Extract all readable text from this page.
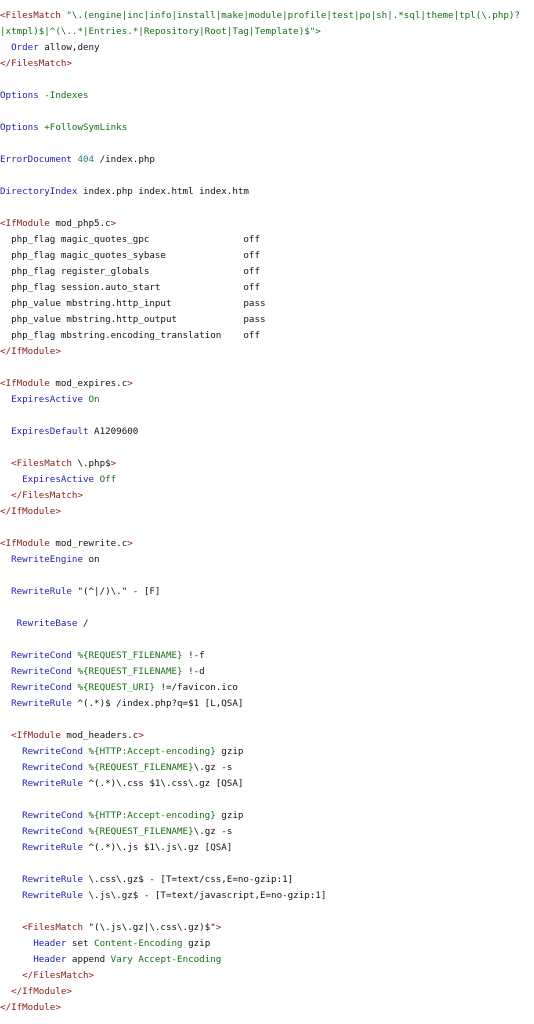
<FilesMatch "\.(engine|inc|info|install|make|module|profile|test|po|sh|.*sql|theme|tpl(\.php)?
|xtmpl)$|^(\..*|Entries.*|Repository|Root|Tag|Template)$">
Order allow,deny
</FilesMatch>
Options -Indexes
Options +FollowSymLinks
ErrorDocument 404 /index.php
DirectoryIndex index.php index.html index.htm
<IfModule mod_php5.c>
php_flag magic_quotes_gpc                 off
php_flag magic_quotes_sybase              off
php_flag register_globals                 off
php_flag session.auto_start               off
php_value mbstring.http_input             pass
php_value mbstring.http_output            pass
php_flag mbstring.encoding_translation    off
</IfModule>
<IfModule mod_expires.c>
ExpiresActive On
ExpiresDefault A1209600
<FilesMatch \.php$>
ExpiresActive Off
</FilesMatch>
</IfModule>
<IfModule mod_rewrite.c>
RewriteEngine on
RewriteRule "(^|/)\." - [F]
RewriteBase /
RewriteCond %{REQUEST_FILENAME} !-f
RewriteCond %{REQUEST_FILENAME} !-d
RewriteCond %{REQUEST_URI} !=/favicon.ico
RewriteRule ^(.*)$ /index.php?q=$1 [L,QSA]
<IfModule mod_headers.c>
RewriteCond %{HTTP:Accept-encoding} gzip
RewriteCond %{REQUEST_FILENAME}\.gz -s
RewriteRule ^(.*)\.css $1\.css\.gz [QSA]
RewriteCond %{HTTP:Accept-encoding} gzip
RewriteCond %{REQUEST_FILENAME}\.gz -s
RewriteRule ^(.*)\.js $1\.js\.gz [QSA]
RewriteRule \.css\.gz$ - [T=text/css,E=no-gzip:1]
RewriteRule \.js\.gz$ - [T=text/javascript,E=no-gzip:1]
<FilesMatch "(\.js\.gz|\.css\.gz)$">
Header set Content-Encoding gzip
Header append Vary Accept-Encoding
</FilesMatch>
</IfModule>
</IfModule>
